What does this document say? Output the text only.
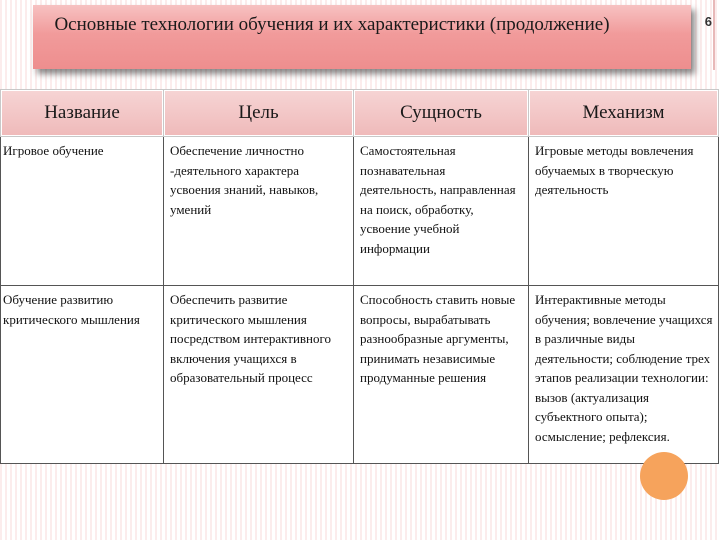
Основные технологии обучения и их характеристики (продолжение)	6
Название	Цель	Сущность	Механизм
Игровое обучение	Обеспечение личностно -деятельного характера усвоения знаний, навыков, умений	Самостоятельная познавательная деятельность, направленная на поиск, обработку, усвоение учебной информации	Игровые методы вовлечения обучаемых в творческую деятельность
Обучение развитию критического мышления	Обеспечить развитие критического мышления посредством интерактивного включения учащихся в образовательный процесс	Способность ставить новые вопросы, вырабатывать разнообразные аргументы, принимать независимые продуманные решения	Интерактивные методы обучения; вовлечение учащихся в различные виды деятельности; соблюдение трех этапов реализации технологии: вызов (актуализация субъектного опыта); осмысление; рефлексия.
